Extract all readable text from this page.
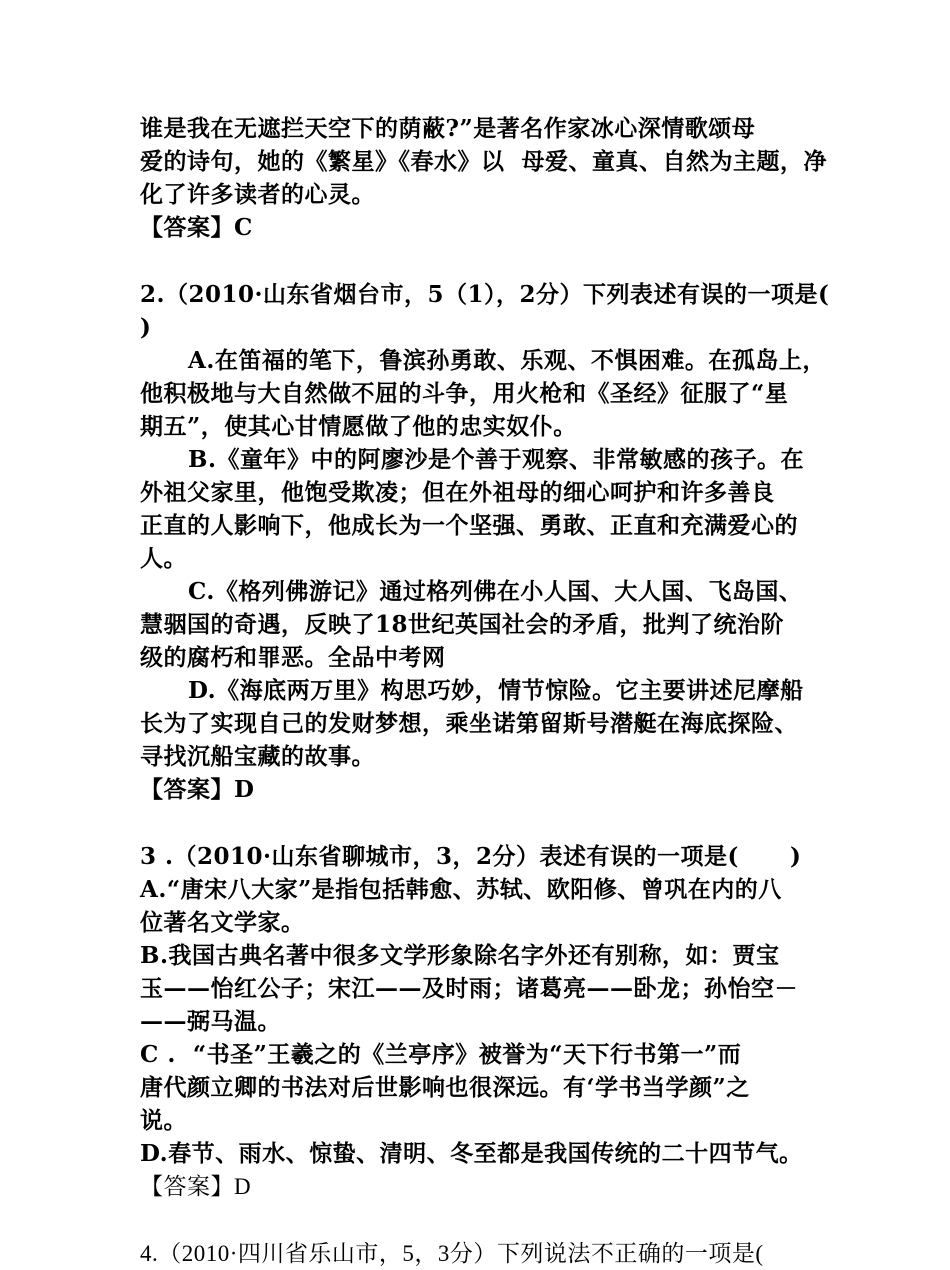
谁是我在无遮拦天空下的荫蔽?”是著名作家冰心深情歌颂母
爱的诗句，她的《繁星》《春水》以  母爱、童真、自然为主题，净
化了许多读者的心灵。
【答案】C
2.（2010·山东省烟台市，5（1），2分）下列表述有误的一项是(
)
A.在笛福的笔下，鲁滨孙勇敢、乐观、不惧困难。在孤岛上，
他积极地与大自然做不屈的斗争，用火枪和《圣经》征服了“星
期五”，使其心甘情愿做了他的忠实奴仆。
B.《童年》中的阿廖沙是个善于观察、非常敏感的孩子。在
外祖父家里，他饱受欺凌；但在外祖母的细心呵护和许多善良
正直的人影响下，他成长为一个坚强、勇敢、正直和充满爱心的
人。
C.《格列佛游记》通过格列佛在小人国、大人国、飞岛国、
慧骃国的奇遇，反映了18世纪英国社会的矛盾，批判了统治阶
级的腐朽和罪恶。全品中考网
D.《海底两万里》构思巧妙，情节惊险。它主要讲述尼摩船
长为了实现自己的发财梦想，乘坐诺第留斯号潜艇在海底探险、
寻找沉船宝藏的故事。
【答案】D
3 .（2010·山东省聊城市，3，2分）表述有误的一项是(      )
A.“唐宋八大家”是指包括韩愈、苏轼、欧阳修、曾巩在内的八
位著名文学家。
B.我国古典名著中很多文学形象除名字外还有别称，如：贾宝
玉——怡红公子；宋江——及时雨；诸葛亮——卧龙；孙怡空－
——弼马温。
C .  “书圣”王羲之的《兰亭序》被誉为“天下行书第一”而
唐代颜立卿的书法对后世影响也很深远。有‘学书当学颜”之
说。
D.春节、雨水、惊蛰、清明、冬至都是我国传统的二十四节气。
【答案】D
4.（2010·四川省乐山市，5，3分）下列说法不正确的一项是(
